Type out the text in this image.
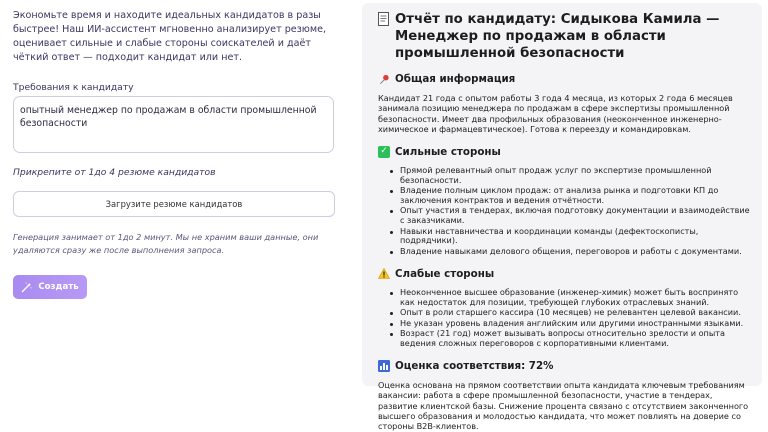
Экономьте время и находите идеальных кандидатов в разы быстрее! Наш ИИ-ассистент мгновенно анализирует резюме, оценивает сильные и слабые стороны соискателей и даёт чёткий ответ — подходит кандидат или нет.

Требования к кандидату
опытный менеджер по продажам в области промышленной безопасности
Прикрепите от 1до 4 резюме кандидатов
Загрузите резюме кандидатов

Генерация занимает от 1до 2 минут. Мы не храним ваши данные, они удаляются сразу же после выполнения запроса.

Создать
Отчёт по кандидату: Сидыкова Камила — Менеджер по продажам в области промышленной безопасности
Общая информация

Кандидат 21 года с опытом работы 3 года 4 месяца, из которых 2 года 6 месяцев занимала позицию менеджера по продажам в сфере экспертизы промышленной безопасности. Имеет два профильных образования (неоконченное инженерно-химическое и фармацевтическое). Готова к переезду и командировкам.

✓ Сильные стороны
Прямой релевантный опыт продаж услуг по экспертизе промышленной безопасности.
Владение полным циклом продаж: от анализа рынка и подготовки КП до заключения контрактов и ведения отчётности.
Опыт участия в тендерах, включая подготовку документации и взаимодействие с заказчиками.
Навыки наставничества и координации команды (дефектоскописты, подрядчики).
Владение навыками делового общения, переговоров и работы с документами.
Слабые стороны
Неоконченное высшее образование (инженер-химик) может быть воспринято как недостаток для позиции, требующей глубоких отраслевых знаний.
Опыт в роли старшего кассира (10 месяцев) не релевантен целевой вакансии.
Не указан уровень владения английским или другими иностранными языками.
Возраст (21 год) может вызывать вопросы относительно зрелости и опыта ведения сложных переговоров с корпоративными клиентами.
Оценка соответствия: 72%

Оценка основана на прямом соответствии опыта кандидата ключевым требованиям вакансии: работа в сфере промышленной безопасности, участие в тендерах, развитие клиентской базы. Снижение процента связано с отсутствием законченного высшего образования и молодостью кандидата, что может повлиять на доверие со стороны B2B-клиентов.
